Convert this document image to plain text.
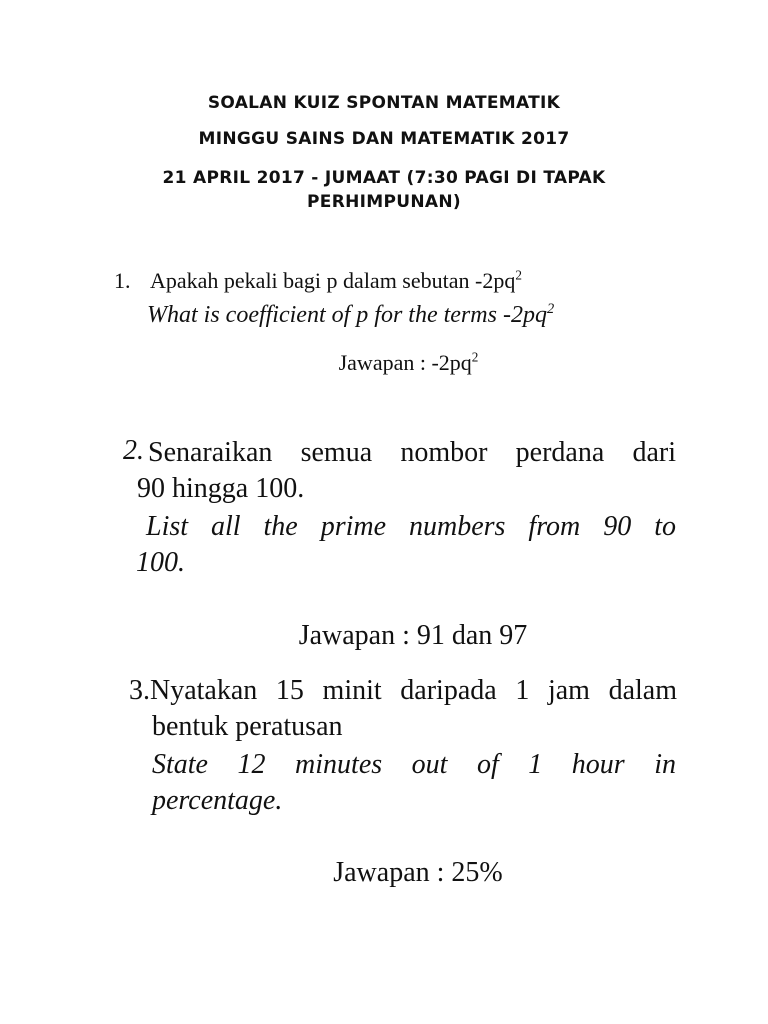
SOALAN KUIZ SPONTAN MATEMATIK
MINGGU SAINS DAN MATEMATIK 2017
21 APRIL 2017 - JUMAAT (7:30 PAGI DI TAPAK
PERHIMPUNAN)
1. Apakah pekali bagi p dalam sebutan $-2pq^2$
What is coefficient of p for the terms $-2pq^2$
Jawapan : $-2pq^2$
2. Senaraikan semua nombor perdana dari
90 hingga 100.
List all the prime numbers from 90 to
100.
Jawapan : 91 dan 97
3.Nyatakan 15 minit daripada 1 jam dalam
bentuk peratusan
State 12 minutes out of 1 hour in
percentage.
Jawapan : 25%
